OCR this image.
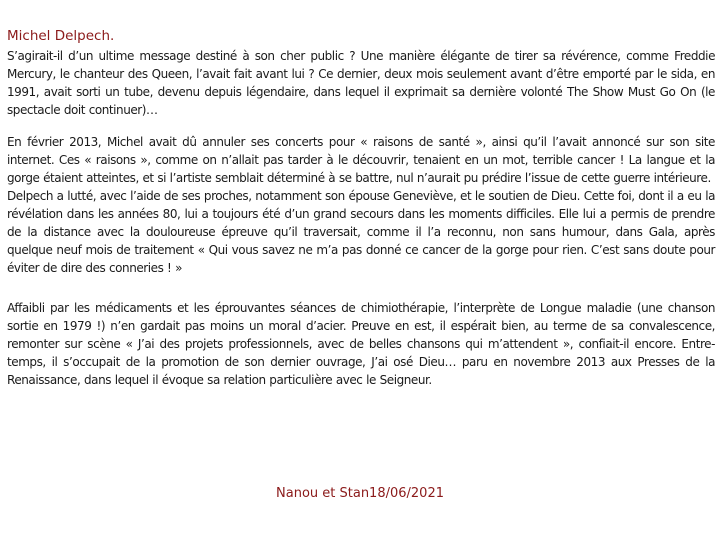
Michel Delpech.

S’agirait-il d’un ultime message destiné à son cher public ? Une manière élégante de tirer sa révérence, comme Freddie Mercury, le chanteur des Queen, l’avait fait avant lui ? Ce dernier, deux mois seulement avant d’être emporté par le sida, en 1991, avait sorti un tube, devenu depuis légendaire, dans lequel il exprimait sa dernière volonté The Show Must Go On (le spectacle doit continuer)…

En février 2013, Michel avait dû annuler ses concerts pour « raisons de santé », ainsi qu’il l’avait annoncé sur son site internet. Ces « raisons », comme on n’allait pas tarder à le découvrir, tenaient en un mot, terrible cancer ! La langue et la gorge étaient atteintes, et si l’artiste semblait déterminé à se battre, nul n’aurait pu prédire l’issue de cette guerre intérieure.
Delpech a lutté, avec l’aide de ses proches, notamment son épouse Geneviève, et le soutien de Dieu. Cette foi, dont il a eu la révélation dans les années 80, lui a toujours été d’un grand secours dans les moments difficiles. Elle lui a permis de prendre de la distance avec la douloureuse épreuve qu’il traversait, comme il l’a reconnu, non sans humour, dans Gala, après quelque neuf mois de traitement « Qui vous savez ne m’a pas donné ce cancer de la gorge pour rien. C’est sans doute pour éviter de dire des conneries ! »

Affaibli par les médicaments et les éprouvantes séances de chimiothérapie, l’interprète de Longue maladie (une chanson sortie en 1979 !) n’en gardait pas moins un moral d’acier. Preuve en est, il espérait bien, au terme de sa convalescence, remonter sur scène « J’ai des projets professionnels, avec de belles chansons qui m’attendent », confiait-il encore. Entre-temps, il s’occupait de la promotion de son dernier ouvrage, J’ai osé Dieu… paru en novembre 2013 aux Presses de la Renaissance, dans lequel il évoque sa relation particulière avec le Seigneur.

Nanou et Stan18/06/2021
